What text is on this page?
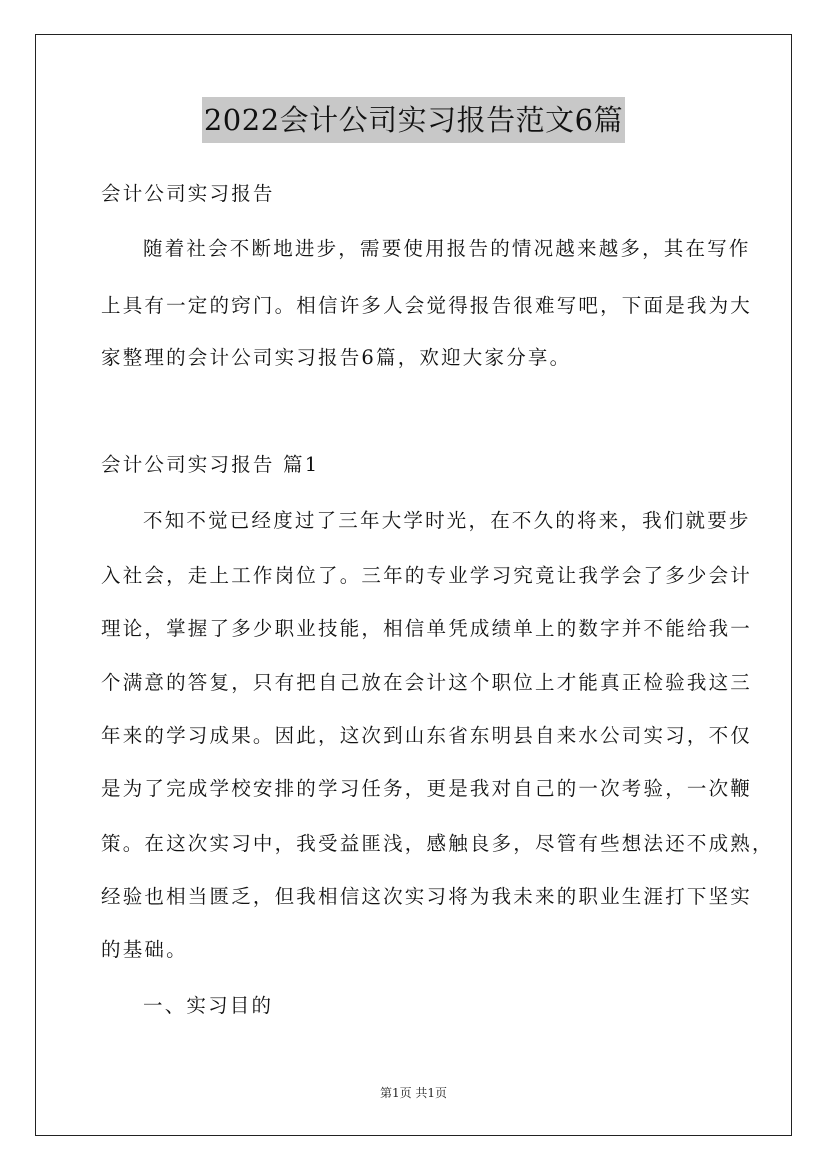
2022会计公司实习报告范文6篇
会计公司实习报告
随着社会不断地进步，需要使用报告的情况越来越多，其在写作
上具有一定的窍门。相信许多人会觉得报告很难写吧，下面是我为大
家整理的会计公司实习报告6篇，欢迎大家分享。
会计公司实习报告 篇1
不知不觉已经度过了三年大学时光，在不久的将来，我们就要步
入社会，走上工作岗位了。三年的专业学习究竟让我学会了多少会计
理论，掌握了多少职业技能，相信单凭成绩单上的数字并不能给我一
个满意的答复，只有把自己放在会计这个职位上才能真正检验我这三
年来的学习成果。因此，这次到山东省东明县自来水公司实习，不仅
是为了完成学校安排的学习任务，更是我对自己的一次考验，一次鞭
策。在这次实习中，我受益匪浅，感触良多，尽管有些想法还不成熟，
经验也相当匮乏，但我相信这次实习将为我未来的职业生涯打下坚实
的基础。
一、实习目的
第1页 共1页
